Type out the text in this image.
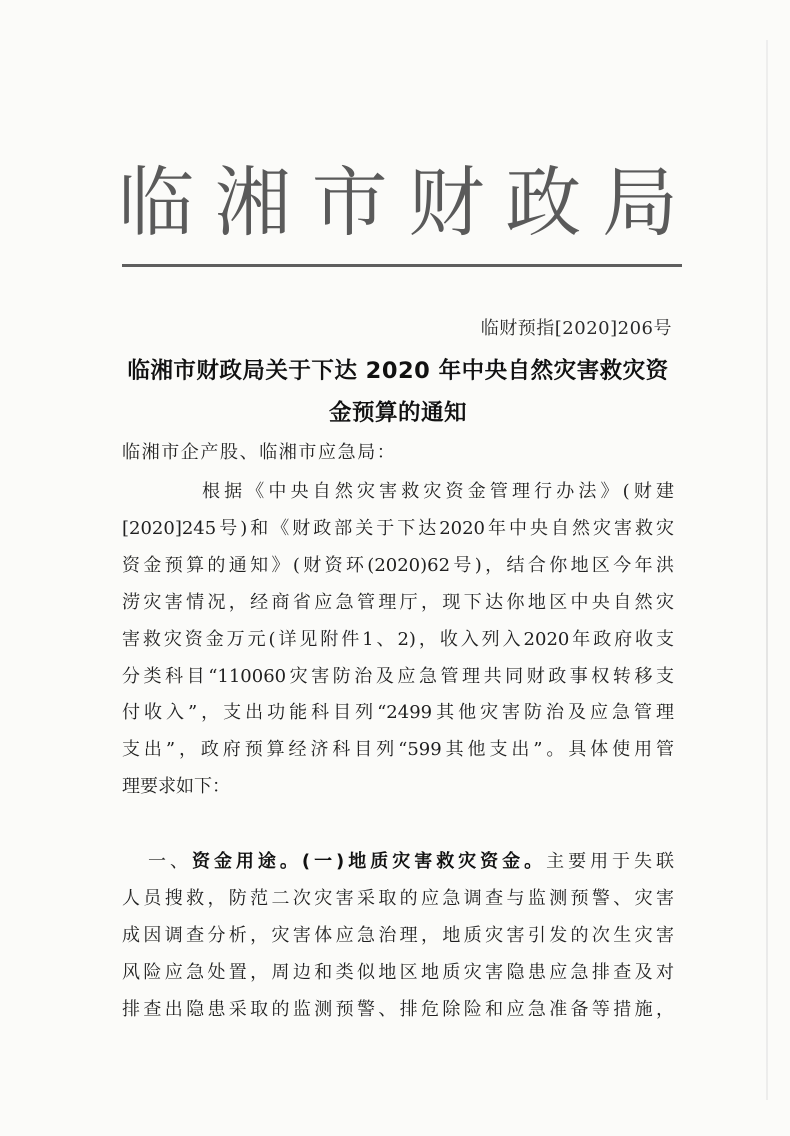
临 湘 市 财 政 局
临财预指[2020]206号
临湘市财政局关于下达 2020 年中央自然灾害救灾资
金预算的通知
临湘市企产股、临湘市应急局：

根据《中央自然灾害救灾资金管理行办法》(财建

[2020]245号)和《财政部关于下达2020年中央自然灾害救灾

资金预算的通知》(财资环(2020)62号)，结合你地区今年洪

涝灾害情况，经商省应急管理厅，现下达你地区中央自然灾

害救灾资金万元(详见附件1、2)，收入列入2020年政府收支

分类科目“110060灾害防治及应急管理共同财政事权转移支

付收入”，支出功能科目列“2499其他灾害防治及应急管理

支出”，政府预算经济科目列“599其他支出”。具体使用管

理要求如下：

一、资金用途。(一)地质灾害救灾资金。主要用于失联

人员搜救，防范二次灾害采取的应急调查与监测预警、灾害

成因调查分析，灾害体应急治理，地质灾害引发的次生灾害

风险应急处置，周边和类似地区地质灾害隐患应急排查及对

排查出隐患采取的监测预警、排危除险和应急准备等措施，
